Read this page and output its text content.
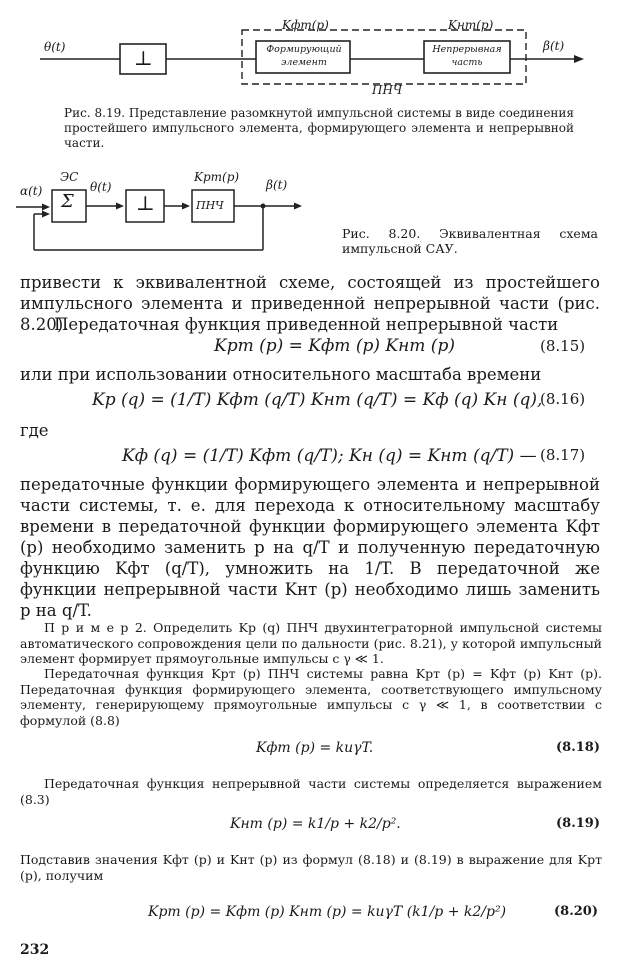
θ(t)	⊥
Kфт(p)	Kнт(p)
Формирующий
элемент
Непрерывная
часть
ПНЧ
β(t)
Рис. 8.19. Представление разомкнутой импульсной системы в виде соединения простейшего импульсного элемента, формирующего элемента и непрерывной части.
α(t)
ЭС
Σ
θ(t)
⊥
Kрт(p)
ПНЧ
β(t)
Рис. 8.20. Эквивалентная схема импульсной САУ.
привести к эквивалентной схеме, состоящей из простейшего импульсного элемента и приведенной непрерывной части (рис. 8.20).
Передаточная функция приведенной непрерывной части
Kрт (p) = Kфт (p) Kнт (p)	(8.15)
или при использовании относительного масштаба времени
Kр (q) = (1/T) Kфт (q/T) Kнт (q/T) = Kф (q) Kн (q),
(8.16)
где
Kф (q) = (1/T) Kфт (q/T); Kн (q) = Kнт (q/T) — (8.17)
передаточные функции формирующего элемента и непрерывной части системы, т. е. для перехода к относительному масштабу времени в передаточной функции формирующего элемента Kфт (p) необходимо заменить p на q/T и полученную передаточную функцию Kфт (q/T), умножить на 1/T. В передаточной же функции непрерывной части Kнт (p) необходимо лишь заменить p на q/T.
П р и м е р 2. Определить Kр (q) ПНЧ двухинтеграторной импульсной системы автоматического сопровождения цели по дальности (рис. 8.21), у которой импульсный элемент формирует прямоугольные импульсы с γ ≪ 1.
Передаточная функция Kрт (p) ПНЧ системы равна Kрт (p) = Kфт (p) Kнт (p). Передаточная функция формирующего элемента, соответствующего импульсному элементу, генерирующему прямоугольные импульсы с γ ≪ 1, в соответствии с формулой (8.8)
Kфт (p) = kиγT.	(8.18)
Передаточная функция непрерывной части системы определяется выражением (8.3)
Kнт (p) = k1/p + k2/p².	(8.19)
Подставив значения Kфт (p) и Kнт (p) из формул (8.18) и (8.19) в выражение для Kрт (p), получим
Kрт (p) = Kфт (p) Kнт (p) = kиγT (k1/p + k2/p²)	(8.20)
232
